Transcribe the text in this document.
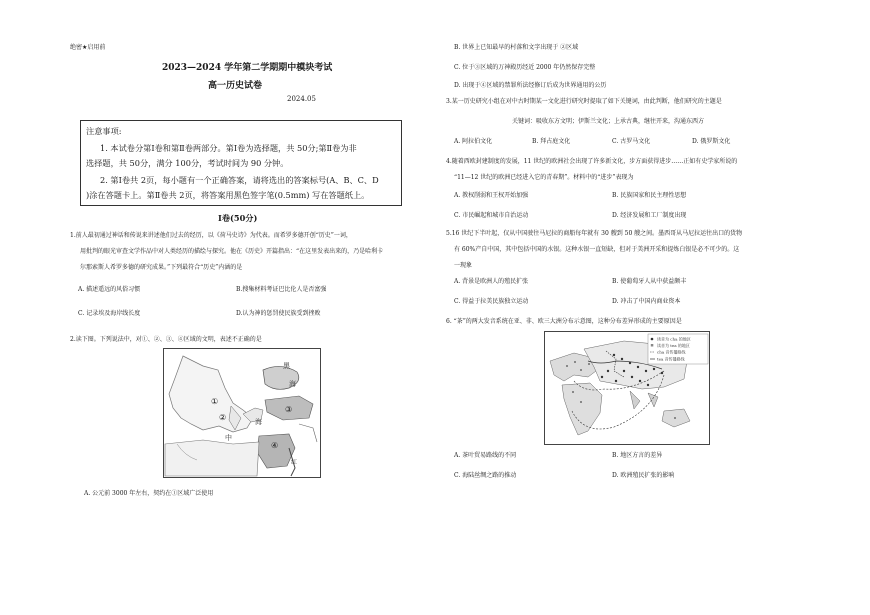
绝密★启用前
2023—2024 学年第二学期期中模块考试
高一历史试卷
2024.05
注意事项:
1. 本试卷分第Ⅰ卷和第Ⅱ卷两部分。第Ⅰ卷为选择题，共 50分;第Ⅱ卷为非
选择题，共 50分，满分 100分，考试时间为 90 分钟。
2. 第Ⅰ卷共 2页，每小题有一个正确答案，请将选出的答案标号(A、B、C、D
)涂在答题卡上。第Ⅱ卷共 2页，将答案用黑色签字笔(0.5mm) 写在答题纸上。
Ⅰ卷(50分)
1.前人最初通过神话和传说来讲述他们过去的经历，以《荷马史诗》为代表。而希罗多德开创“历史”一词，
用批判的眼光审查文学作品中对人类经历的描绘与探究。他在《历史》开篇指出：“在这里发表出来的，乃是哈利卡
尔那索斯人希罗多德的研究成果。”下列最符合“历史”内涵的是
A. 描述遥远的风俗习惯	B.搜集材料考证巴比伦人是否富强
C. 记录埃及海岸线长度	D.认为神的惩罚使民族受到挫败
2.读下图。下列说法中，对①、②、③、④区域的文明，表述不正确的是
黑
海
中
海
红
①
②
③
④
A. 公元前 3000 年左右，契约在①区域广泛使用
B. 世界上已知最早的村落和文字出现于 ②区域
C. 位于③区域的万神殿历经近 2000 年仍然保存完整
D. 出现于④区域的禁罪所法经修订后成为世界通用的公历
3.某一历史研究小组在对中古时期某一文化进行研究时提取了如下关键词，由此判断，他们研究的主题是
关键词：吸收东方文明；伊斯兰文化；上承古典，继往开来，沟通东西方
A. 阿拉伯文化	B. 拜占庭文化	C. 古罗马文化	D. 俄罗斯文化
4.随着西欧封建制度的发展，11 世纪的欧洲社会出现了许多新文化，步方面获得进步……正如有史学家所说的
“11—12 世纪的欧洲已经进入它的青春期”。材料中的“进步”表现为
A. 教权削弱和王权开始加强	B. 民族国家和民主理性思想
C. 市民崛起和城市自治运动	D. 经济发展和工厂制度出现
5.16 世纪下半叶起，仅从中国驶往马尼拉的商船每年就有 30 艘到 50 艘之间。墨西哥从马尼拉运往出口的货物
有 60%产自中国，其中包括中国的水银。这种水银一直短缺，但对于美洲开采和提炼白银是必不可少的。这
一现象
A. 背景是欧洲人的殖民扩张	B. 使葡萄牙人从中获益颇丰
C. 得益于拉美民族独立运动	D. 冲击了中国内商业资本
6. “茶”的两大发音系统在亚、非、欧三大洲分布示意图，这种分布差异形成的主要原因是
读音为 cha 的地区
读音为 tea 的地区
cha 音传播路线
tea 音传播路线
A. 茶叶贸易路线的不同	B. 地区方言的差异
C. 海陆丝绸之路的推动	D. 欧洲殖民扩张的影响
